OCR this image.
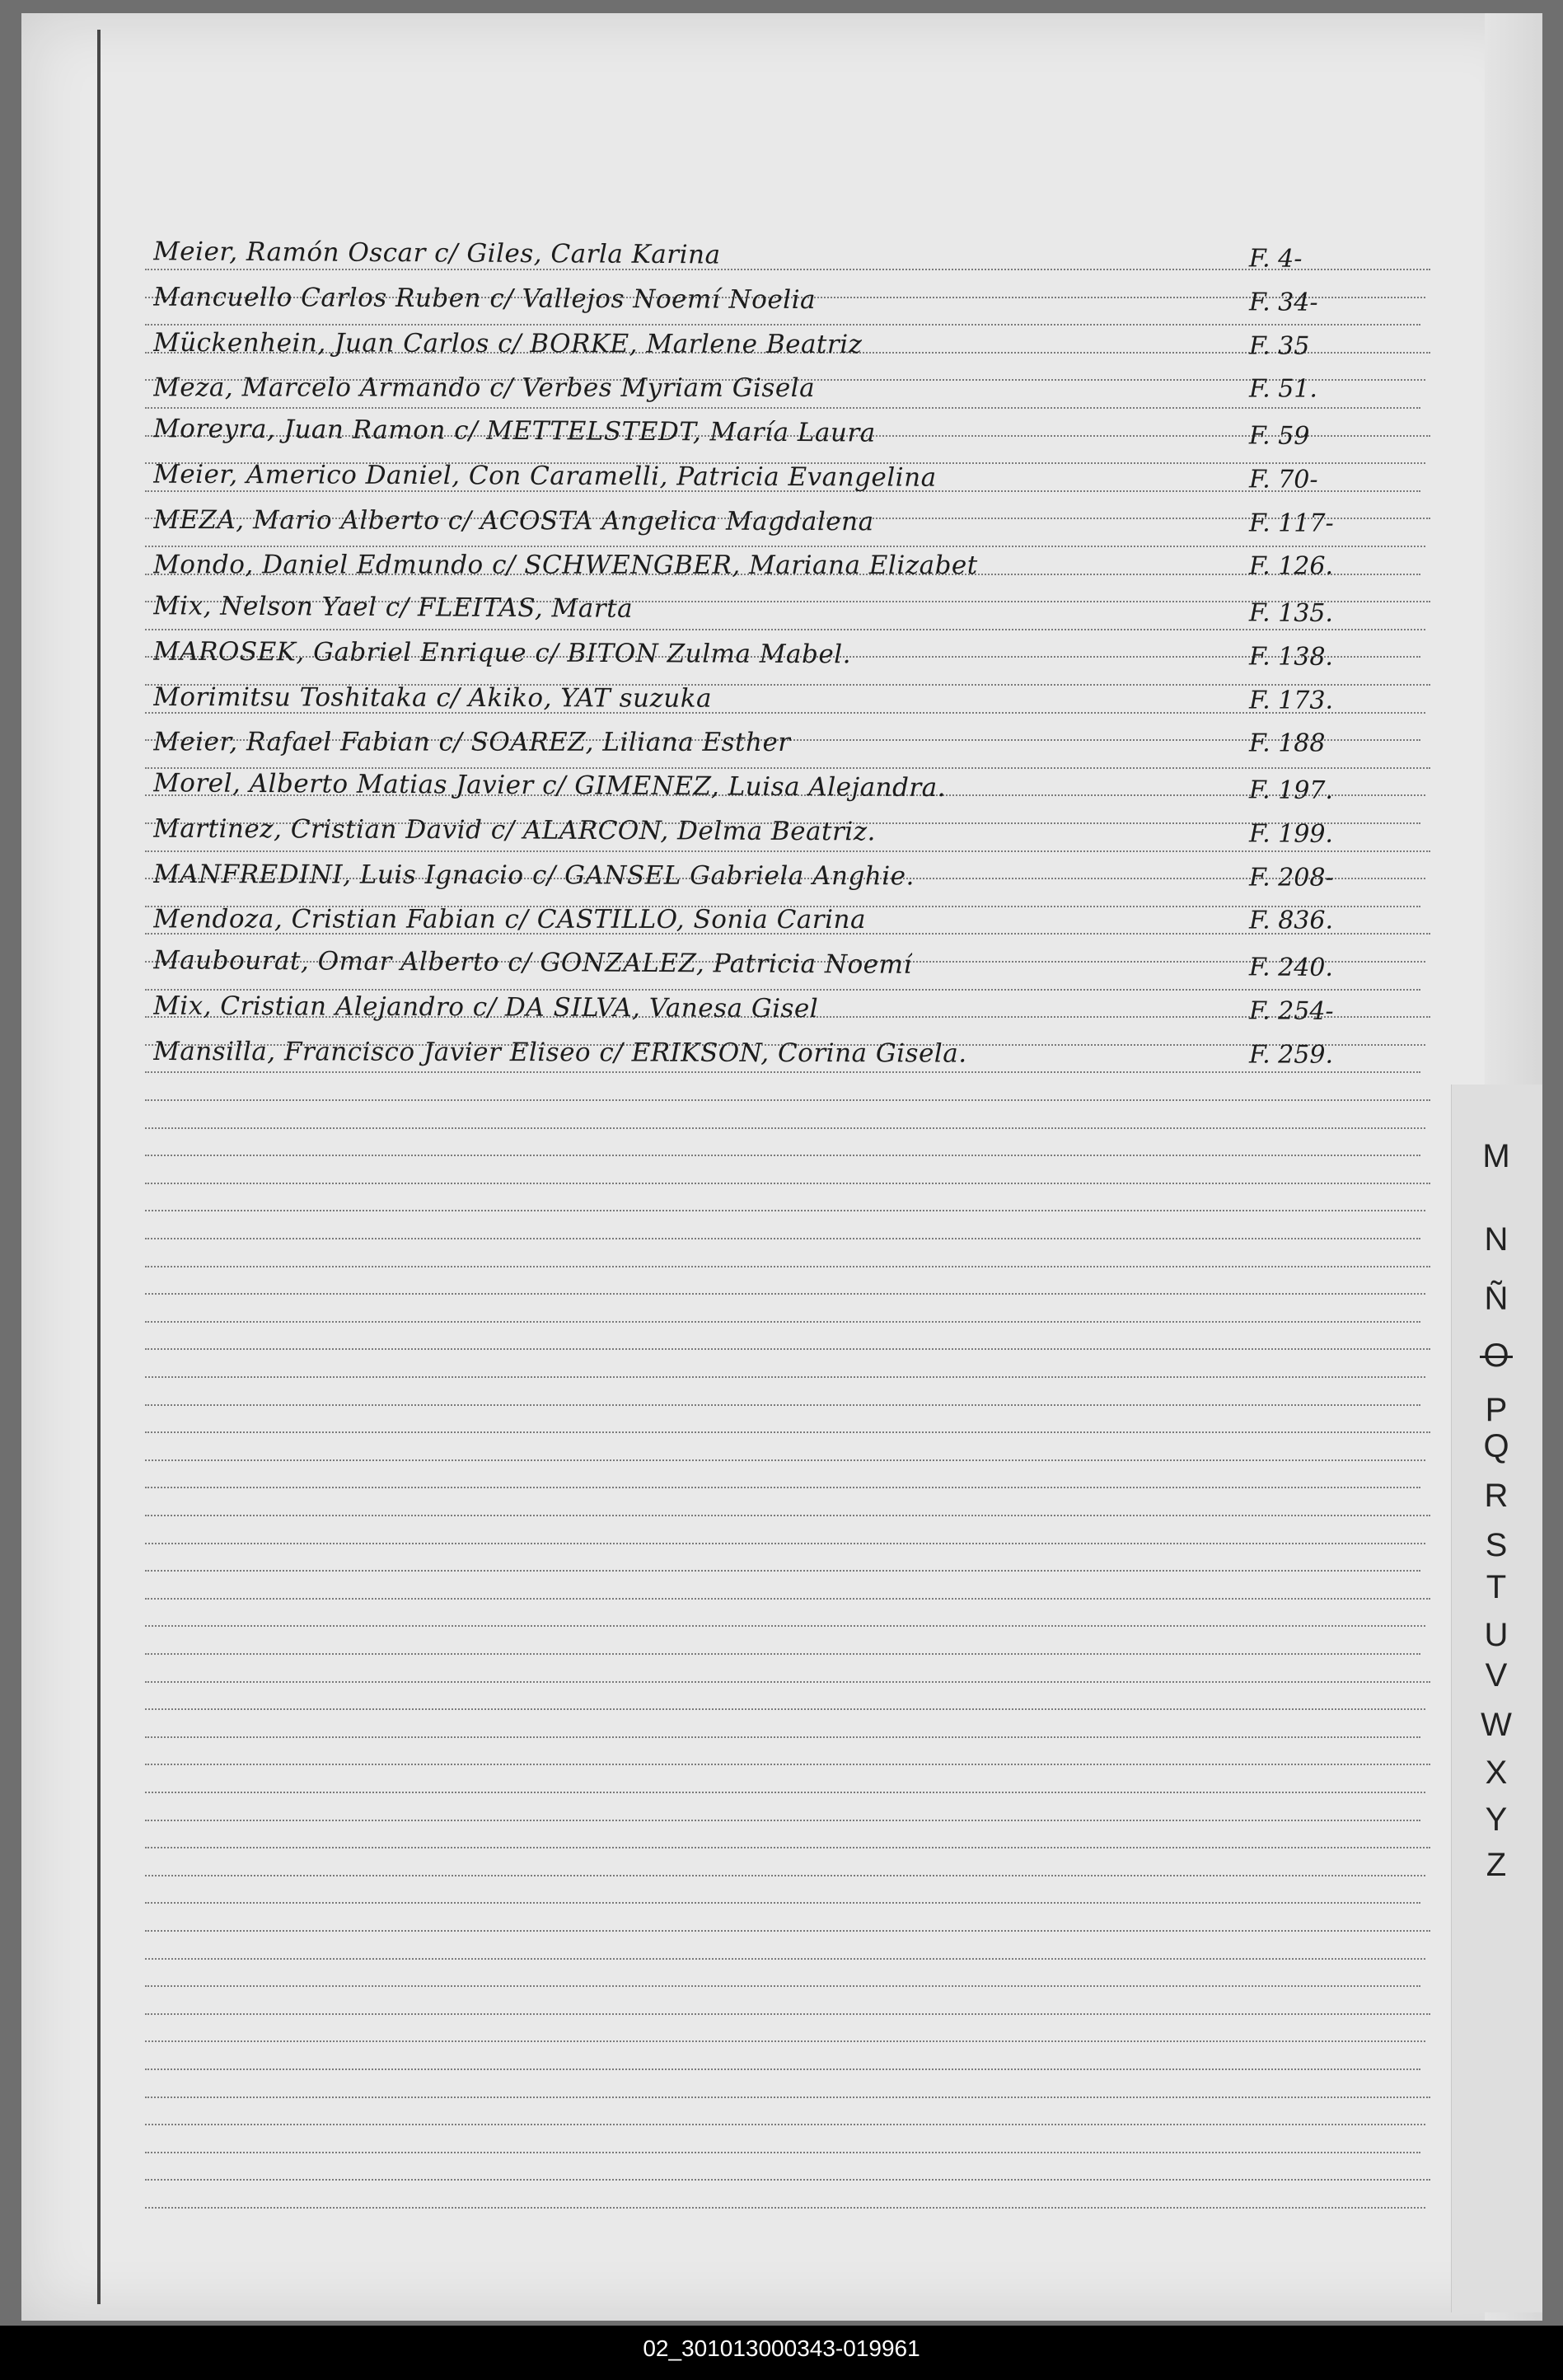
Meier, Ramón Oscar c/ Giles, Carla Karina	F. 4-
Mancuello Carlos Ruben c/ Vallejos Noemí Noelia	F. 34-
Mückenhein, Juan Carlos c/ BORKE, Marlene Beatriz	F. 35
Meza, Marcelo Armando c/ Verbes Myriam Gisela	F. 51.
Moreyra, Juan Ramon c/ METTELSTEDT, María Laura	F. 59
Meier, Americo Daniel, Con Caramelli, Patricia Evangelina	F. 70-
MEZA, Mario Alberto c/ ACOSTA Angelica Magdalena	F. 117-
Mondo, Daniel Edmundo c/ SCHWENGBER, Mariana Elizabet	F. 126.
Mix, Nelson Yael c/ FLEITAS, Marta	F. 135.
MAROSEK, Gabriel Enrique c/ BITON Zulma Mabel.	F. 138.
Morimitsu Toshitaka c/ Akiko, YAT suzuka	F. 173.
Meier, Rafael Fabian c/ SOAREZ, Liliana Esther	F. 188
Morel, Alberto Matias Javier c/ GIMENEZ, Luisa Alejandra.	F. 197.
Martinez, Cristian David c/ ALARCON, Delma Beatriz.	F. 199.
MANFREDINI, Luis Ignacio c/ GANSEL Gabriela Anghie.	F. 208-
Mendoza, Cristian Fabian c/ CASTILLO, Sonia Carina	F. 836.
Maubourat, Omar Alberto c/ GONZALEZ, Patricia Noemí	F. 240.
Mix, Cristian Alejandro c/ DA SILVA, Vanesa Gisel	F. 254-
Mansilla, Francisco Javier Eliseo c/ ERIKSON, Corina Gisela.	F. 259.
M
N
Ñ
O
P
Q
R
S
T
U
V
W
X
Y
Z
02_301013000343-019961
